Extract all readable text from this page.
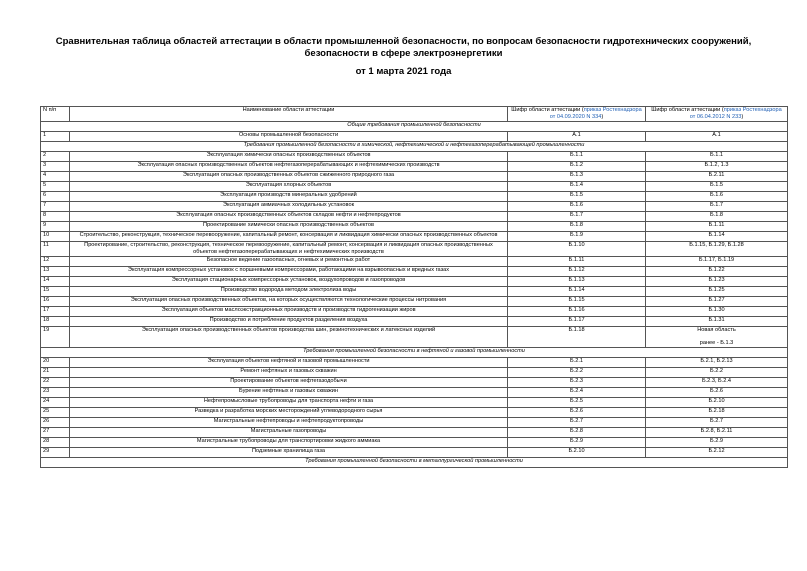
Сравнительная таблица областей аттестации в области промышленной безопасности, по вопросам безопасности гидротехнических сооружений, безопасности в сфере электроэнергетики
от 1 марта 2021 года
N п/п	Наименование области аттестации	Шифр области аттестации (приказ Ростехнадзора от 04.09.2020 N 334)	Шифр области аттестации (приказ Ростехнадзора от 06.04.2012 N 233)
Общие требования промышленной безопасности			
1	Основы промышленной безопасности	А.1	А.1
Требования промышленной безопасности в химической, нефтехимической и нефтегазоперерабатывающей промышленности			
2	Эксплуатация химически опасных производственных объектов	Б.1.1	Б.1.1
3	Эксплуатация опасных производственных объектов нефтегазоперерабатывающих и нефтехимических производств	Б.1.2	Б.1.2, 1.3
4	Эксплуатация опасных производственных объектов сжиженного природного газа	Б.1.3	Б.2.11
5	Эксплуатация хлорных объектов	Б.1.4	Б.1.5
6	Эксплуатация производств минеральных удобрений	Б.1.5	Б.1.6
7	Эксплуатация аммиачных холодильных установок	Б.1.6	Б.1.7
8	Эксплуатация опасных производственных объектов складов нефти и нефтепродуктов	Б.1.7	Б.1.8
9	Проектирование химически опасных производственных объектов	Б.1.8	Б.1.11
10	Строительство, реконструкция, техническое перевооружение, капитальный ремонт, консервация и ликвидация химически опасных производственных объектов	Б.1.9	Б.1.14
11	Проектирование, строительство, реконструкция, техническое перевооружение, капитальный ремонт, консервация и ликвидация опасных производственных объектов нефтегазоперерабатывающих и нефтехимических производств	Б.1.10	Б.1.15, Б.1.29, Б.1.28
12	Безопасное ведение газоопасных, огневых и ремонтных работ	Б.1.11	Б.1.17, Б.1.19
13	Эксплуатация компрессорных установок с поршневыми компрессорами, работающими на взрывоопасных и вредных газах	Б.1.12	Б.1.22
14	Эксплуатация стационарных компрессорных установок, воздухопроводов и газопроводов	Б.1.13	Б.1.23
15	Производство водорода методом электролиза воды	Б.1.14	Б.1.25
16	Эксплуатация опасных производственных объектов, на которых осуществляются технологические процессы нитрования	Б.1.15	Б.1.27
17	Эксплуатация объектов маслоэкстракционных производств и производств гидрогенизации жиров	Б.1.16	Б.1.30
18	Производство и потребление продуктов разделения воздуха	Б.1.17	Б.1.31
19	Эксплуатация опасных производственных объектов производства шин, резинотехнических и латексных изделий	Б.1.18	Новая область
ранее - Б.1.3

Требования промышленной безопасности в нефтяной и газовой промышленности			
20	Эксплуатация объектов нефтяной и газовой промышленности	Б.2.1	Б.2.1, Б.2.13
21	Ремонт нефтяных и газовых скважин	Б.2.2	Б.2.2
22	Проектирование объектов нефтегазодобычи	Б.2.3	Б.2.3, Б.2.4
23	Бурение нефтяных и газовых скважин	Б.2.4	Б.2.6
24	Нефтепромысловые трубопроводы для транспорта нефти и газа	Б.2.5	Б.2.10
25	Разведка и разработка морских месторождений углеводородного сырья	Б.2.6	Б.2.18
26	Магистральные нефтепроводы и нефтепродуктопроводы	Б.2.7	Б.2.7
27	Магистральные газопроводы	Б.2.8	Б.2.8, Б.2.11
28	Магистральные трубопроводы для транспортировки жидкого аммиака	Б.2.9	Б.2.9
29	Подземные хранилища газа	Б.2.10	Б.2.12
Требования промышленной безопасности в металлургической промышленности			
